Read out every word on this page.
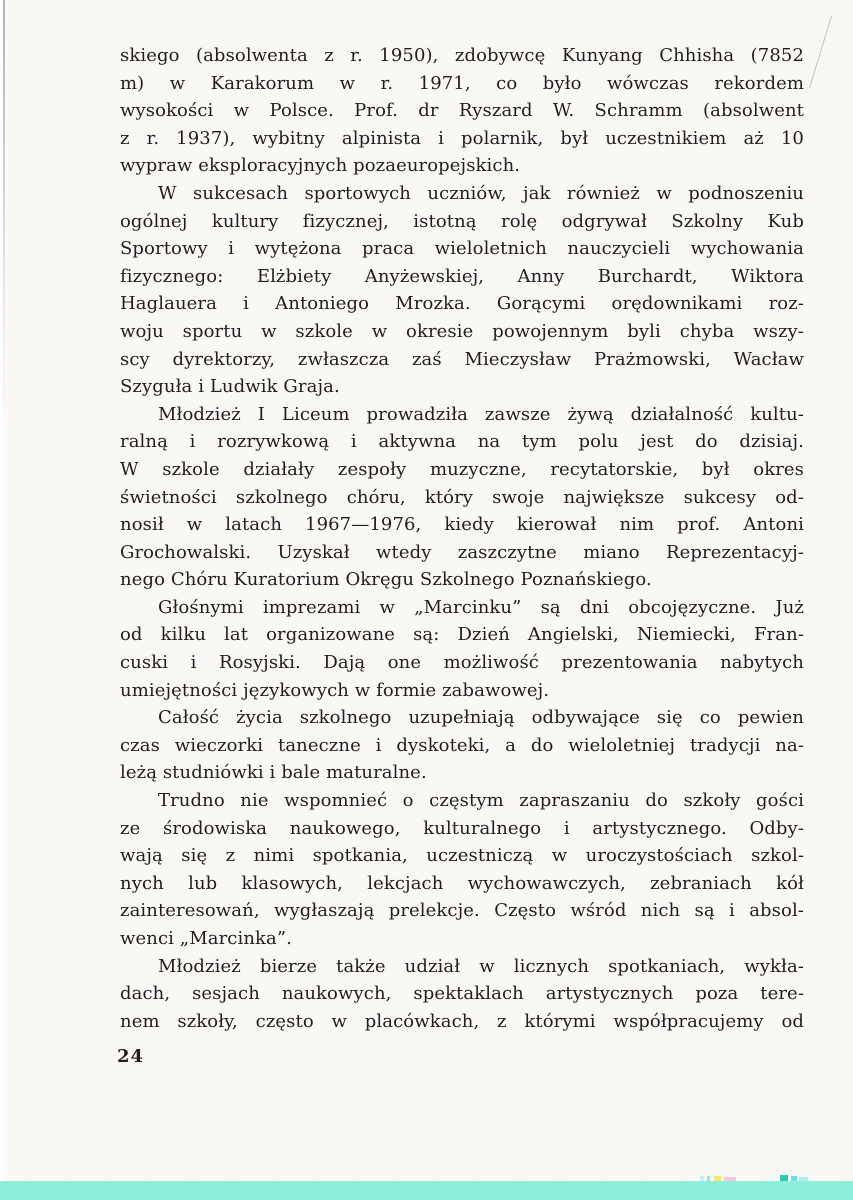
skiego (absolwenta z r. 1950), zdobywcę Kunyang Chhisha (7852
m) w Karakorum w r. 1971, co było wówczas rekordem
wysokości w Polsce. Prof. dr Ryszard W. Schramm (absolwent
z r. 1937), wybitny alpinista i polarnik, był uczestnikiem aż 10
wypraw eksploracyjnych pozaeuropejskich.
W sukcesach sportowych uczniów, jak również w podnoszeniu
ogólnej kultury fizycznej, istotną rolę odgrywał Szkolny Kub
Sportowy i wytężona praca wieloletnich nauczycieli wychowania
fizycznego: Elżbiety Anyżewskiej, Anny Burchardt, Wiktora
Haglauera i Antoniego Mrozka. Gorącymi orędownikami roz-
woju sportu w szkole w okresie powojennym byli chyba wszy-
scy dyrektorzy, zwłaszcza zaś Mieczysław Prażmowski, Wacław
Szyguła i Ludwik Graja.
Młodzież I Liceum prowadziła zawsze żywą działalność kultu-
ralną i rozrywkową i aktywna na tym polu jest do dzisiaj.
W szkole działały zespoły muzyczne, recytatorskie, był okres
świetności szkolnego chóru, który swoje największe sukcesy od-
nosił w latach 1967—1976, kiedy kierował nim prof. Antoni
Grochowalski. Uzyskał wtedy zaszczytne miano Reprezentacyj-
nego Chóru Kuratorium Okręgu Szkolnego Poznańskiego.
Głośnymi imprezami w „Marcinku” są dni obcojęzyczne. Już
od kilku lat organizowane są: Dzień Angielski, Niemiecki, Fran-
cuski i Rosyjski. Dają one możliwość prezentowania nabytych
umiejętności językowych w formie zabawowej.
Całość życia szkolnego uzupełniają odbywające się co pewien
czas wieczorki taneczne i dyskoteki, a do wieloletniej tradycji na-
leżą studniówki i bale maturalne.
Trudno nie wspomnieć o częstym zapraszaniu do szkoły gości
ze środowiska naukowego, kulturalnego i artystycznego. Odby-
wają się z nimi spotkania, uczestniczą w uroczystościach szkol-
nych lub klasowych, lekcjach wychowawczych, zebraniach kół
zainteresowań, wygłaszają prelekcje. Często wśród nich są i absol-
wenci „Marcinka”.
Młodzież bierze także udział w licznych spotkaniach, wykła-
dach, sesjach naukowych, spektaklach artystycznych poza tere-
nem szkoły, często w placówkach, z którymi współpracujemy od
24
